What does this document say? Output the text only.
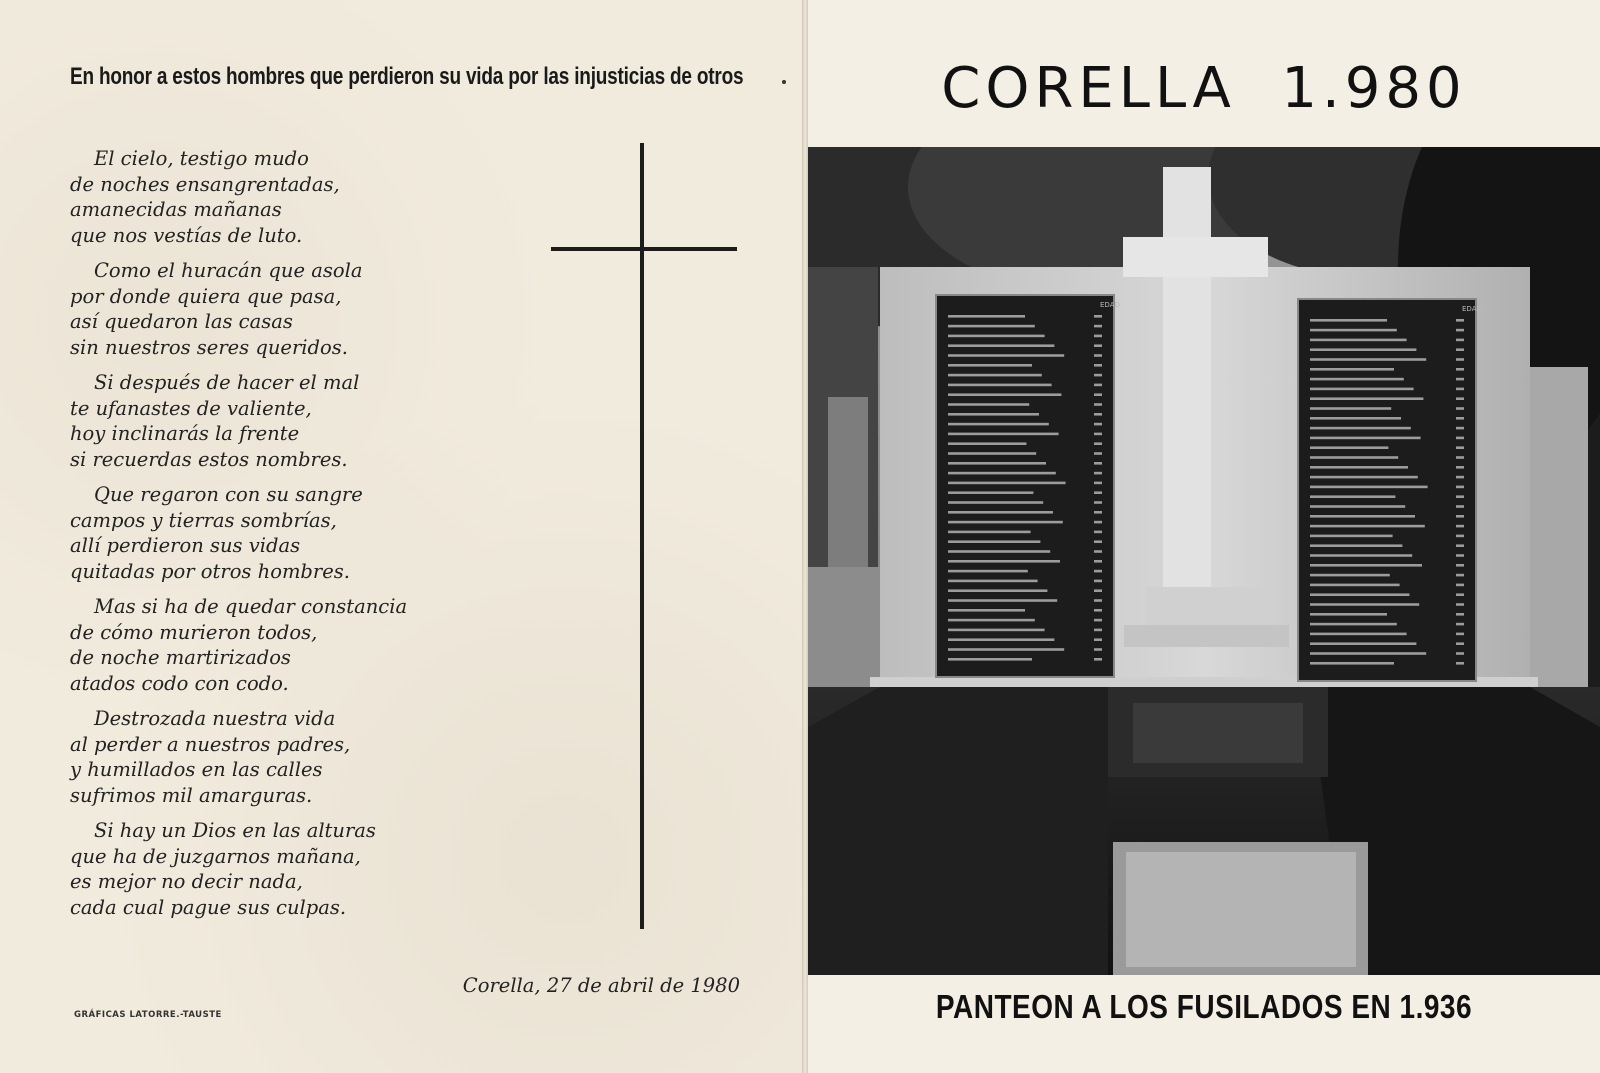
En honor a estos hombres que perdieron su vida por las injusticias de otros
El cielo, testigo mudo
de noches ensangrentadas,
amanecidas mañanas
que nos vestías de luto.
Como el huracán que asola
por donde quiera que pasa,
así quedaron las casas
sin nuestros seres queridos.
Si después de hacer el mal
te ufanastes de valiente,
hoy inclinarás la frente
si recuerdas estos nombres.
Que regaron con su sangre
campos y tierras sombrías,
allí perdieron sus vidas
quitadas por otros hombres.
Mas si ha de quedar constancia
de cómo murieron todos,
de noche martirizados
atados codo con codo.
Destrozada nuestra vida
al perder a nuestros padres,
y humillados en las calles
sufrimos mil amarguras.
Si hay un Dios en las alturas
que ha de juzgarnos mañana,
es mejor no decir nada,
cada cual pague sus culpas.
Corella, 27 de abril de 1980
GRÁFICAS LATORRE.-TAUSTE
CORELLA  1.980
EDAD	EDAD
PANTEON A LOS FUSILADOS EN 1.936
